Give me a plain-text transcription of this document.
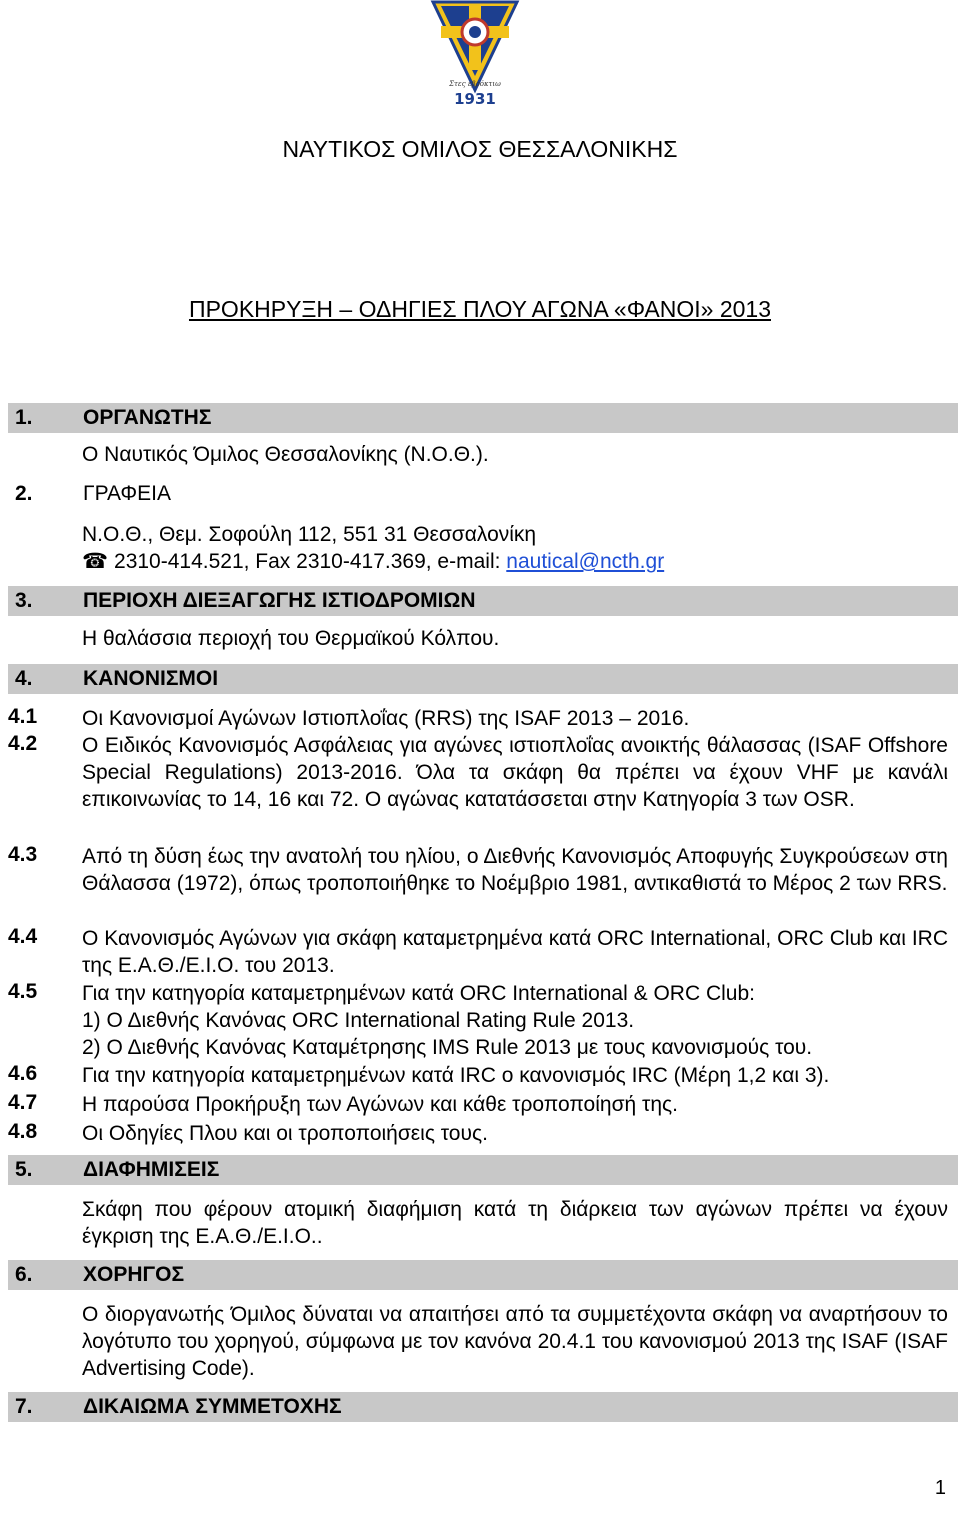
Στες εβρόκτιω
1931
ΝΑΥΤΙΚΟΣ ΟΜΙΛΟΣ ΘΕΣΣΑΛΟΝΙΚΗΣ
ΠΡΟΚΗΡΥΞΗ – ΟΔΗΓΙΕΣ ΠΛΟΥ ΑΓΩΝΑ «ΦΑΝΟΙ» 2013
1. ΟΡΓΑΝΩΤΗΣ
Ο Ναυτικός Όμιλος Θεσσαλονίκης (Ν.Ο.Θ.).
2. ΓΡΑΦΕΙΑ
Ν.Ο.Θ., Θεμ. Σοφούλη 112, 551 31 Θεσσαλονίκη
☎ 2310-414.521, Fax 2310-417.369, e-mail: nautical@ncth.gr
3. ΠΕΡΙΟΧΗ ΔΙΕΞΑΓΩΓΗΣ ΙΣΤΙΟΔΡΟΜΙΩΝ
Η θαλάσσια περιοχή του Θερμαϊκού Κόλπου.
4. ΚΑΝΟΝΙΣΜΟΙ
4.1 Οι Κανονισμοί Αγώνων Ιστιοπλοΐας (RRS) της ISAF 2013 – 2016.
4.2 Ο Ειδικός Κανονισμός Ασφάλειας για αγώνες ιστιοπλοΐας ανοικτής θάλασσας (ISAF Offshore Special Regulations) 2013-2016. Όλα τα σκάφη θα πρέπει να έχουν VHF με κανάλι επικοινωνίας το 14, 16 και 72. Ο αγώνας κατατάσσεται στην Κατηγορία 3 των OSR.
4.3 Από τη δύση έως την ανατολή του ηλίου, ο Διεθνής Κανονισμός Αποφυγής Συγκρούσεων στη Θάλασσα (1972), όπως τροποποιήθηκε το Νοέμβριο 1981, αντικαθιστά το Μέρος 2 των RRS.
4.4 Ο Κανονισμός Αγώνων για σκάφη καταμετρημένα κατά ORC International, ORC Club και IRC της Ε.Α.Θ./Ε.Ι.Ο. του 2013.
4.5 Για την κατηγορία καταμετρημένων κατά ORC International & ORC Club:
1) Ο Διεθνής Κανόνας ORC International Rating Rule 2013.
2) Ο Διεθνής Κανόνας Καταμέτρησης IMS Rule 2013 με τους κανονισμούς του.
4.6 Για την κατηγορία καταμετρημένων κατά IRC ο κανονισμός IRC (Μέρη 1,2 και 3).
4.7 Η παρούσα Προκήρυξη των Αγώνων και κάθε τροποποίησή της.
4.8 Οι Οδηγίες Πλου και οι τροποποιήσεις τους.
5. ΔΙΑΦΗΜΙΣΕΙΣ
Σκάφη που φέρουν ατομική διαφήμιση κατά τη διάρκεια των αγώνων πρέπει να έχουν έγκριση της Ε.Α.Θ./Ε.Ι.Ο..
6. ΧΟΡΗΓΟΣ
Ο διοργανωτής Όμιλος δύναται να απαιτήσει από τα συμμετέχοντα σκάφη να αναρτήσουν το λογότυπο του χορηγού, σύμφωνα με τον κανόνα 20.4.1 του κανονισμού 2013 της ISAF (ISAF Advertising Code).
7. ΔΙΚΑΙΩΜΑ ΣΥΜΜΕΤΟΧΗΣ
1
